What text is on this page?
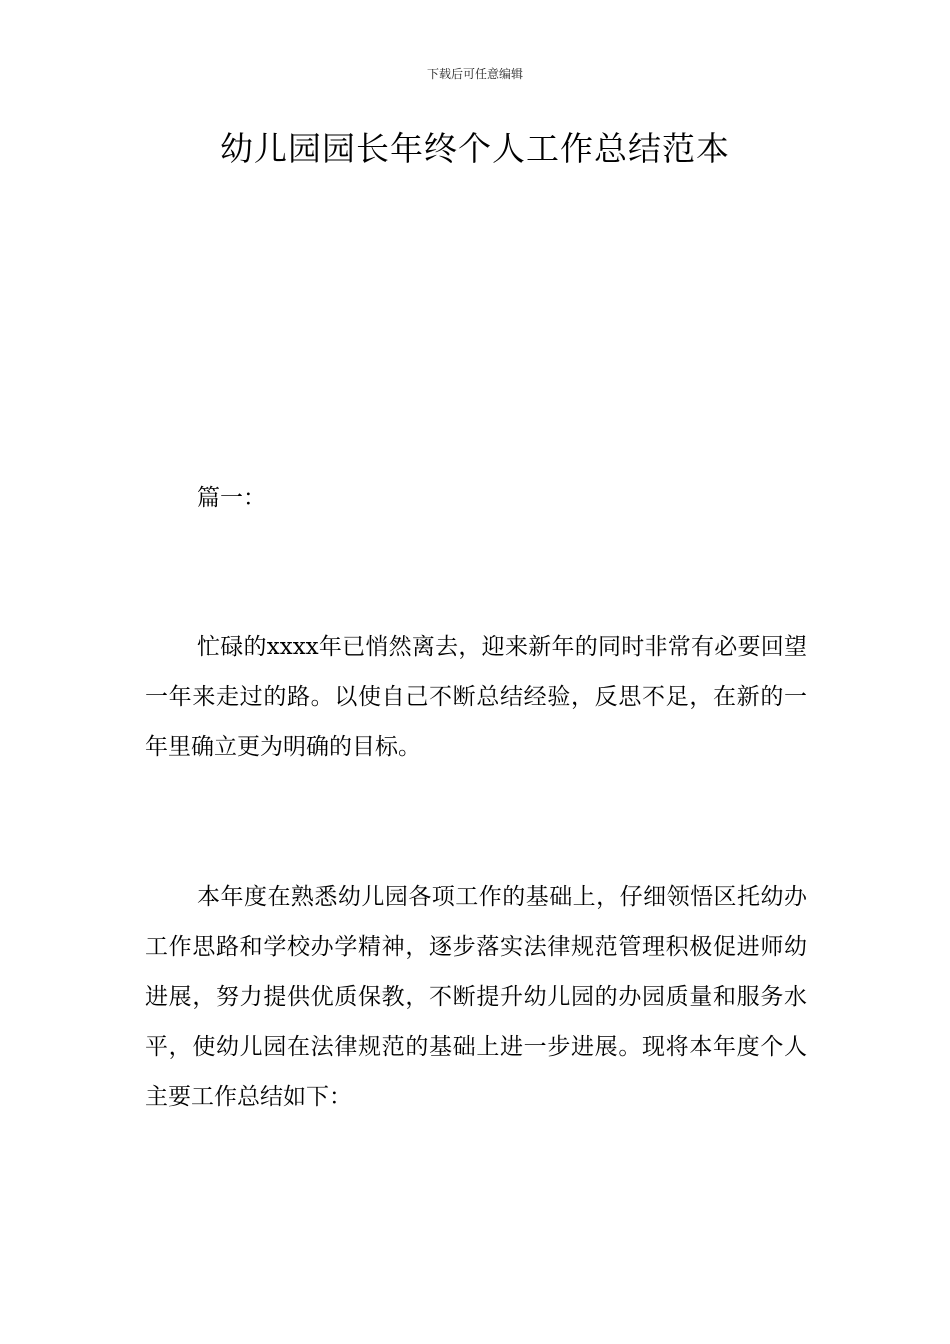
下载后可任意编辑
幼儿园园长年终个人工作总结范本
篇一：

忙碌的xxxx年已悄然离去，迎来新年的同时非常有必要回望一年来走过的路。以使自己不断总结经验，反思不足，在新的一年里确立更为明确的目标。

本年度在熟悉幼儿园各项工作的基础上，仔细领悟区托幼办工作思路和学校办学精神，逐步落实法律规范管理积极促进师幼进展，努力提供优质保教，不断提升幼儿园的办园质量和服务水平，使幼儿园在法律规范的基础上进一步进展。现将本年度个人主要工作总结如下：
